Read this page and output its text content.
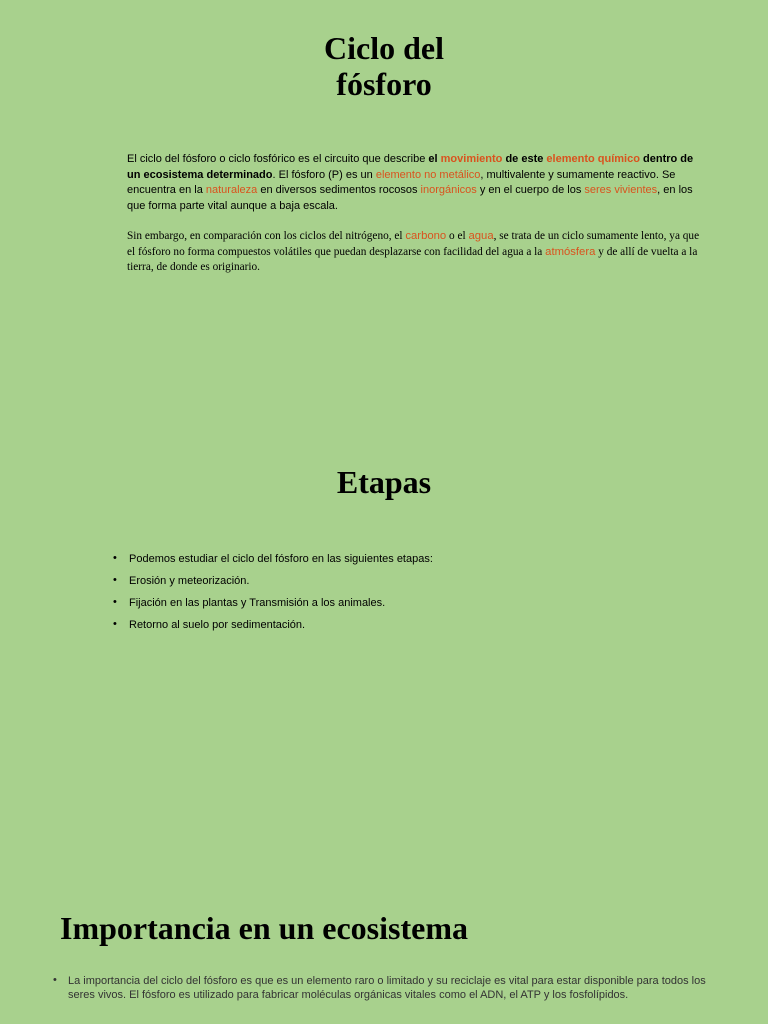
Ciclo del
fósforo

El ciclo del fósforo o ciclo fosfórico es el circuito que describe el movimiento de este elemento químico dentro de un ecosistema determinado. El fósforo (P) es un elemento no metálico, multivalente y sumamente reactivo. Se encuentra en la naturaleza en diversos sedimentos rocosos inorgánicos y en el cuerpo de los seres vivientes, en los que forma parte vital aunque a baja escala.

Sin embargo, en comparación con los ciclos del nitrógeno, el carbono o el agua, se trata de un ciclo sumamente lento, ya que el fósforo no forma compuestos volátiles que puedan desplazarse con facilidad del agua a la atmósfera y de allí de vuelta a la tierra, de donde es originario.

Etapas
• Podemos estudiar el ciclo del fósforo en las siguientes etapas:
• Erosión y meteorización.
• Fijación en las plantas y Transmisión a los animales.
• Retorno al suelo por sedimentación.
Importancia en un ecosistema
• La importancia del ciclo del fósforo es que es un elemento raro o limitado y su reciclaje es vital para estar disponible para todos los seres vivos. El fósforo es utilizado para fabricar moléculas orgánicas vitales como el ADN, el ATP y los fosfolípidos.
